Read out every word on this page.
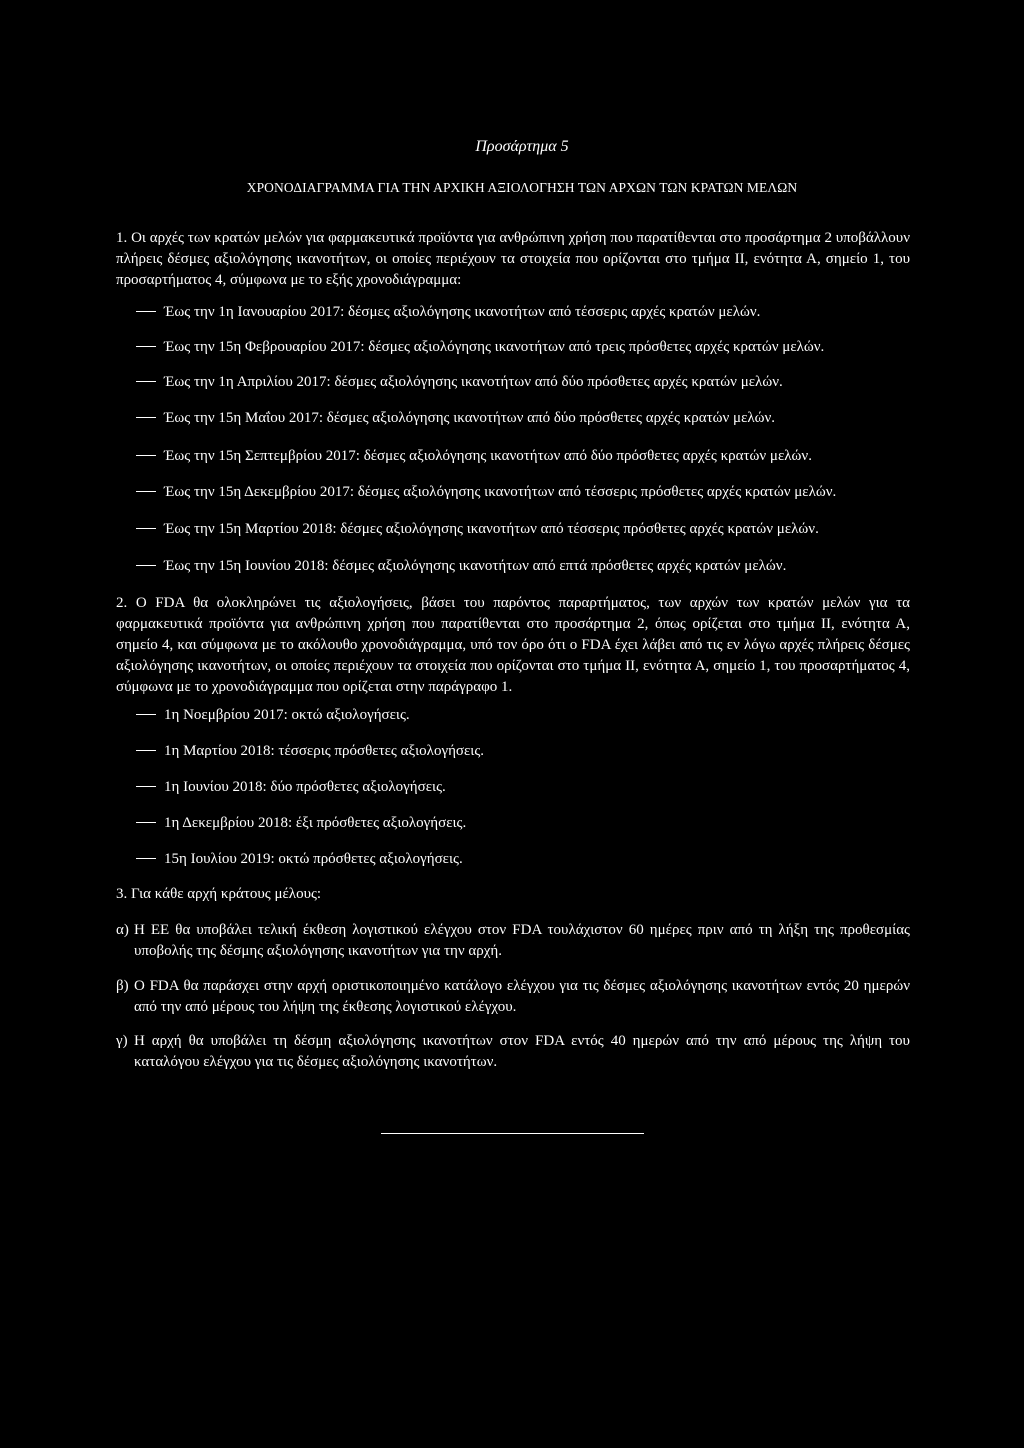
Προσάρτημα 5
ΧΡΟΝΟΔΙΑΓΡΑΜΜΑ ΓΙΑ ΤΗΝ ΑΡΧΙΚΗ ΑΞΙΟΛΟΓΗΣΗ ΤΩΝ ΑΡΧΩΝ ΤΩΝ ΚΡΑΤΩΝ ΜΕΛΩΝ
1. Οι αρχές των κρατών μελών για φαρμακευτικά προϊόντα για ανθρώπινη χρήση που παρατίθενται στο προσάρτημα 2 υποβάλλουν πλήρεις δέσμες αξιολόγησης ικανοτήτων, οι οποίες περιέχουν τα στοιχεία που ορίζονται στο τμήμα II, ενότητα Α, σημείο 1, του προσαρτήματος 4, σύμφωνα με το εξής χρονοδιάγραμμα:
Έως την 1η Ιανουαρίου 2017: δέσμες αξιολόγησης ικανοτήτων από τέσσερις αρχές κρατών μελών.
Έως την 15η Φεβρουαρίου 2017: δέσμες αξιολόγησης ικανοτήτων από τρεις πρόσθετες αρχές κρατών μελών.
Έως την 1η Απριλίου 2017: δέσμες αξιολόγησης ικανοτήτων από δύο πρόσθετες αρχές κρατών μελών.
Έως την 15η Μαΐου 2017: δέσμες αξιολόγησης ικανοτήτων από δύο πρόσθετες αρχές κρατών μελών.
Έως την 15η Σεπτεμβρίου 2017: δέσμες αξιολόγησης ικανοτήτων από δύο πρόσθετες αρχές κρατών μελών.
Έως την 15η Δεκεμβρίου 2017: δέσμες αξιολόγησης ικανοτήτων από τέσσερις πρόσθετες αρχές κρατών μελών.
Έως την 15η Μαρτίου 2018: δέσμες αξιολόγησης ικανοτήτων από τέσσερις πρόσθετες αρχές κρατών μελών.
Έως την 15η Ιουνίου 2018: δέσμες αξιολόγησης ικανοτήτων από επτά πρόσθετες αρχές κρατών μελών.
2. Ο FDA θα ολοκληρώνει τις αξιολογήσεις, βάσει του παρόντος παραρτήματος, των αρχών των κρατών μελών για τα φαρμακευτικά προϊόντα για ανθρώπινη χρήση που παρατίθενται στο προσάρτημα 2, όπως ορίζεται στο τμήμα II, ενότητα Α, σημείο 4, και σύμφωνα με το ακόλουθο χρονοδιάγραμμα, υπό τον όρο ότι ο FDA έχει λάβει από τις εν λόγω αρχές πλήρεις δέσμες αξιολόγησης ικανοτήτων, οι οποίες περιέχουν τα στοιχεία που ορίζονται στο τμήμα II, ενότητα Α, σημείο 1, του προσαρτήματος 4, σύμφωνα με το χρονοδιάγραμμα που ορίζεται στην παράγραφο 1.
1η Νοεμβρίου 2017: οκτώ αξιολογήσεις.
1η Μαρτίου 2018: τέσσερις πρόσθετες αξιολογήσεις.
1η Ιουνίου 2018: δύο πρόσθετες αξιολογήσεις.
1η Δεκεμβρίου 2018: έξι πρόσθετες αξιολογήσεις.
15η Ιουλίου 2019: οκτώ πρόσθετες αξιολογήσεις.
3. Για κάθε αρχή κράτους μέλους:
α) Η ΕΕ θα υποβάλει τελική έκθεση λογιστικού ελέγχου στον FDA τουλάχιστον 60 ημέρες πριν από τη λήξη της προθεσμίας υποβολής της δέσμης αξιολόγησης ικανοτήτων για την αρχή.
β) Ο FDA θα παράσχει στην αρχή οριστικοποιημένο κατάλογο ελέγχου για τις δέσμες αξιολόγησης ικανοτήτων εντός 20 ημερών από την από μέρους του λήψη της έκθεσης λογιστικού ελέγχου.
γ) Η αρχή θα υποβάλει τη δέσμη αξιολόγησης ικανοτήτων στον FDA εντός 40 ημερών από την από μέρους της λήψη του καταλόγου ελέγχου για τις δέσμες αξιολόγησης ικανοτήτων.
